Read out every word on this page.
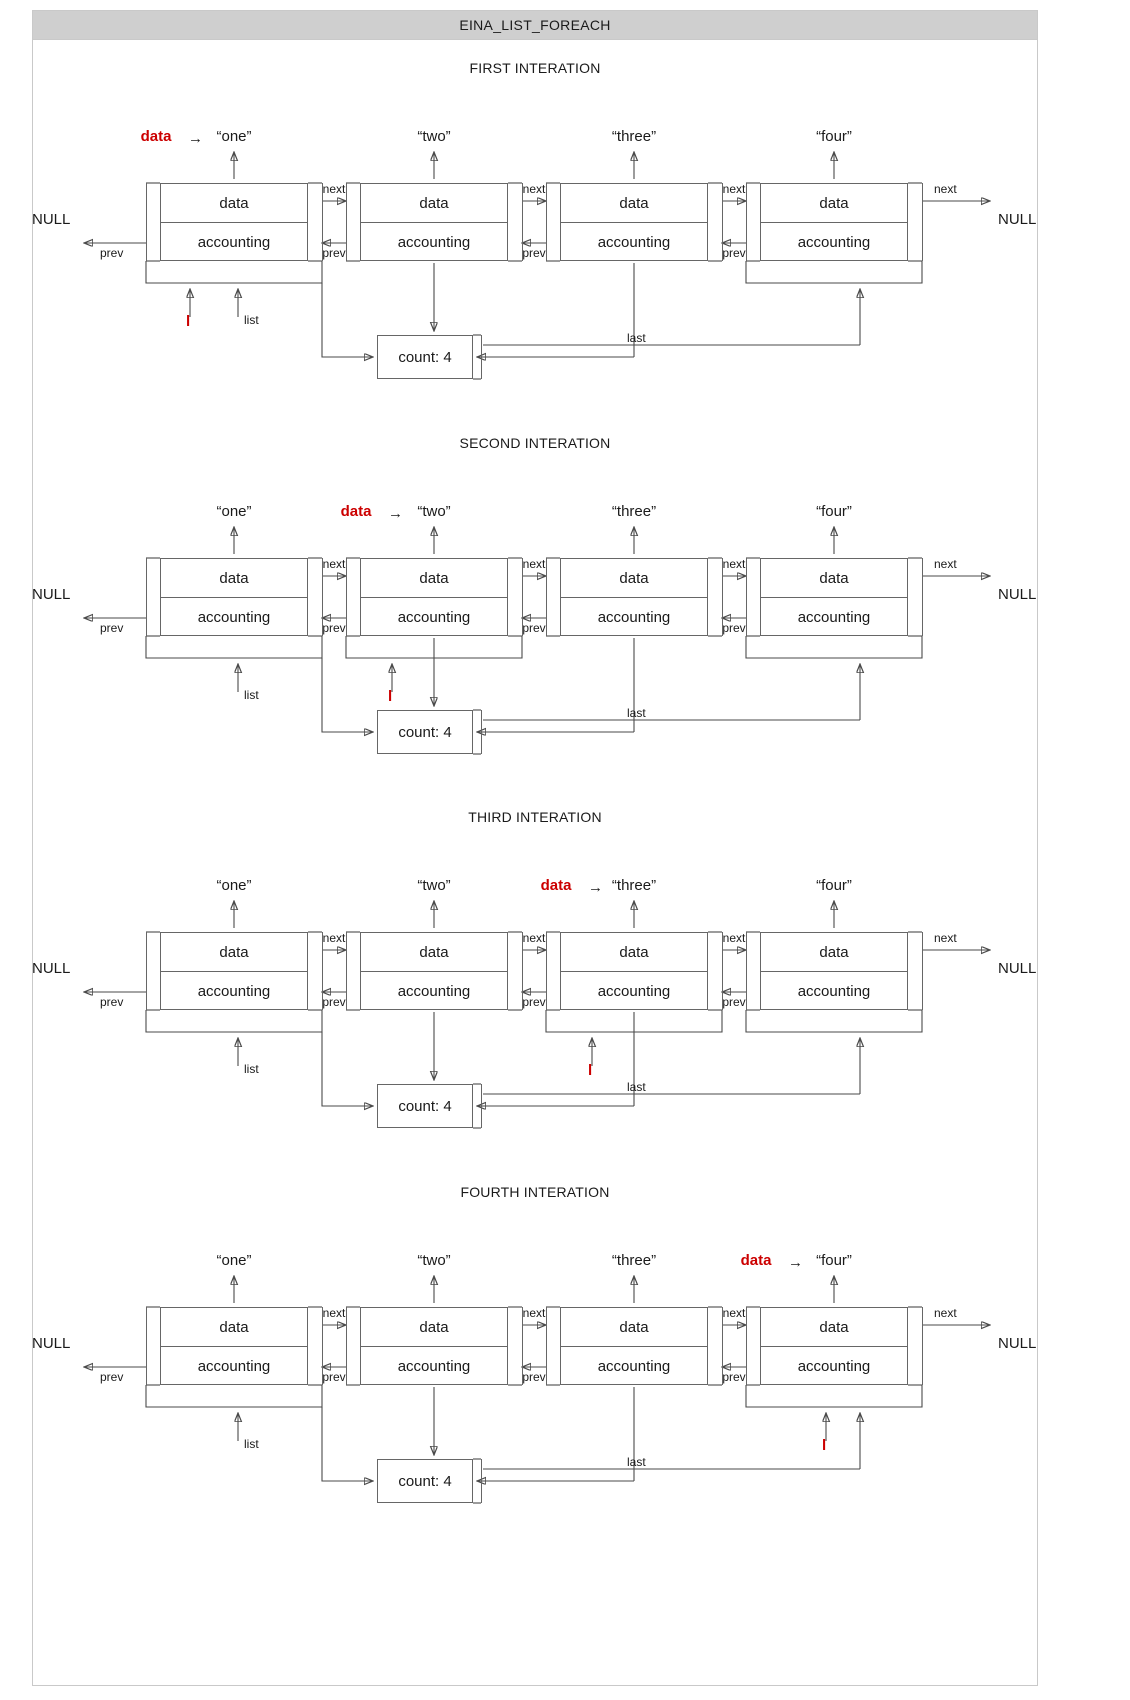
EINA_LIST_FOREACH
FIRST INTERATION
data
accounting
“one”
data →
data
accounting
“two”
data
accounting
“three”
data
accounting
“four”
next
prev
next
prev
next
prev
prev
NULL
next
NULL
count: 4
list
last
l
SECOND INTERATION
data
accounting
“one”
data
accounting
“two”
data →
data
accounting
“three”
data
accounting
“four”
next
prev
next
prev
next
prev
prev
NULL
next
NULL
count: 4
list
last
l
THIRD INTERATION
data
accounting
“one”
data
accounting
“two”
data
accounting
“three”
data →
data
accounting
“four”
next
prev
next
prev
next
prev
prev
NULL
next
NULL
count: 4
list
last
l
FOURTH INTERATION
data
accounting
“one”
data
accounting
“two”
data
accounting
“three”
data
accounting
“four”
data →
next
prev
next
prev
next
prev
prev
NULL
next
NULL
count: 4
list
last
l
